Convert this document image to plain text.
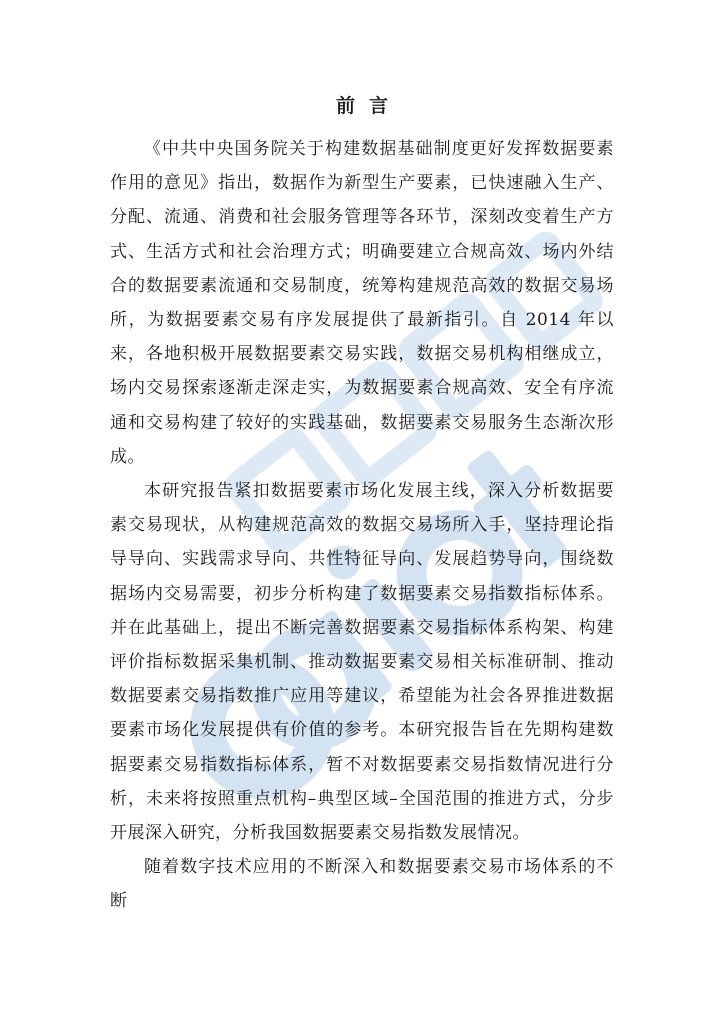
前言

《中共中央国务院关于构建数据基础制度更好发挥数据要素作用的意见》指出，数据作为新型生产要素，已快速融入生产、分配、流通、消费和社会服务管理等各环节，深刻改变着生产方式、生活方式和社会治理方式；明确要建立合规高效、场内外结合的数据要素流通和交易制度，统筹构建规范高效的数据交易场所，为数据要素交易有序发展提供了最新指引。自 2014 年以来，各地积极开展数据要素交易实践，数据交易机构相继成立，场内交易探索逐渐走深走实，为数据要素合规高效、安全有序流通和交易构建了较好的实践基础，数据要素交易服务生态渐次形成。

本研究报告紧扣数据要素市场化发展主线，深入分析数据要素交易现状，从构建规范高效的数据交易场所入手，坚持理论指导导向、实践需求导向、共性特征导向、发展趋势导向，围绕数据场内交易需要，初步分析构建了数据要素交易指数指标体系。并在此基础上，提出不断完善数据要素交易指标体系构架、构建评价指标数据采集机制、推动数据要素交易相关标准研制、推动数据要素交易指数推广应用等建议，希望能为社会各界推进数据要素市场化发展提供有价值的参考。本研究报告旨在先期构建数据要素交易指数指标体系，暂不对数据要素交易指数情况进行分析，未来将按照重点机构–典型区域–全国范围的推进方式，分步开展深入研究，分析我国数据要素交易指数发展情况。

随着数字技术应用的不断深入和数据要素交易市场体系的不断
